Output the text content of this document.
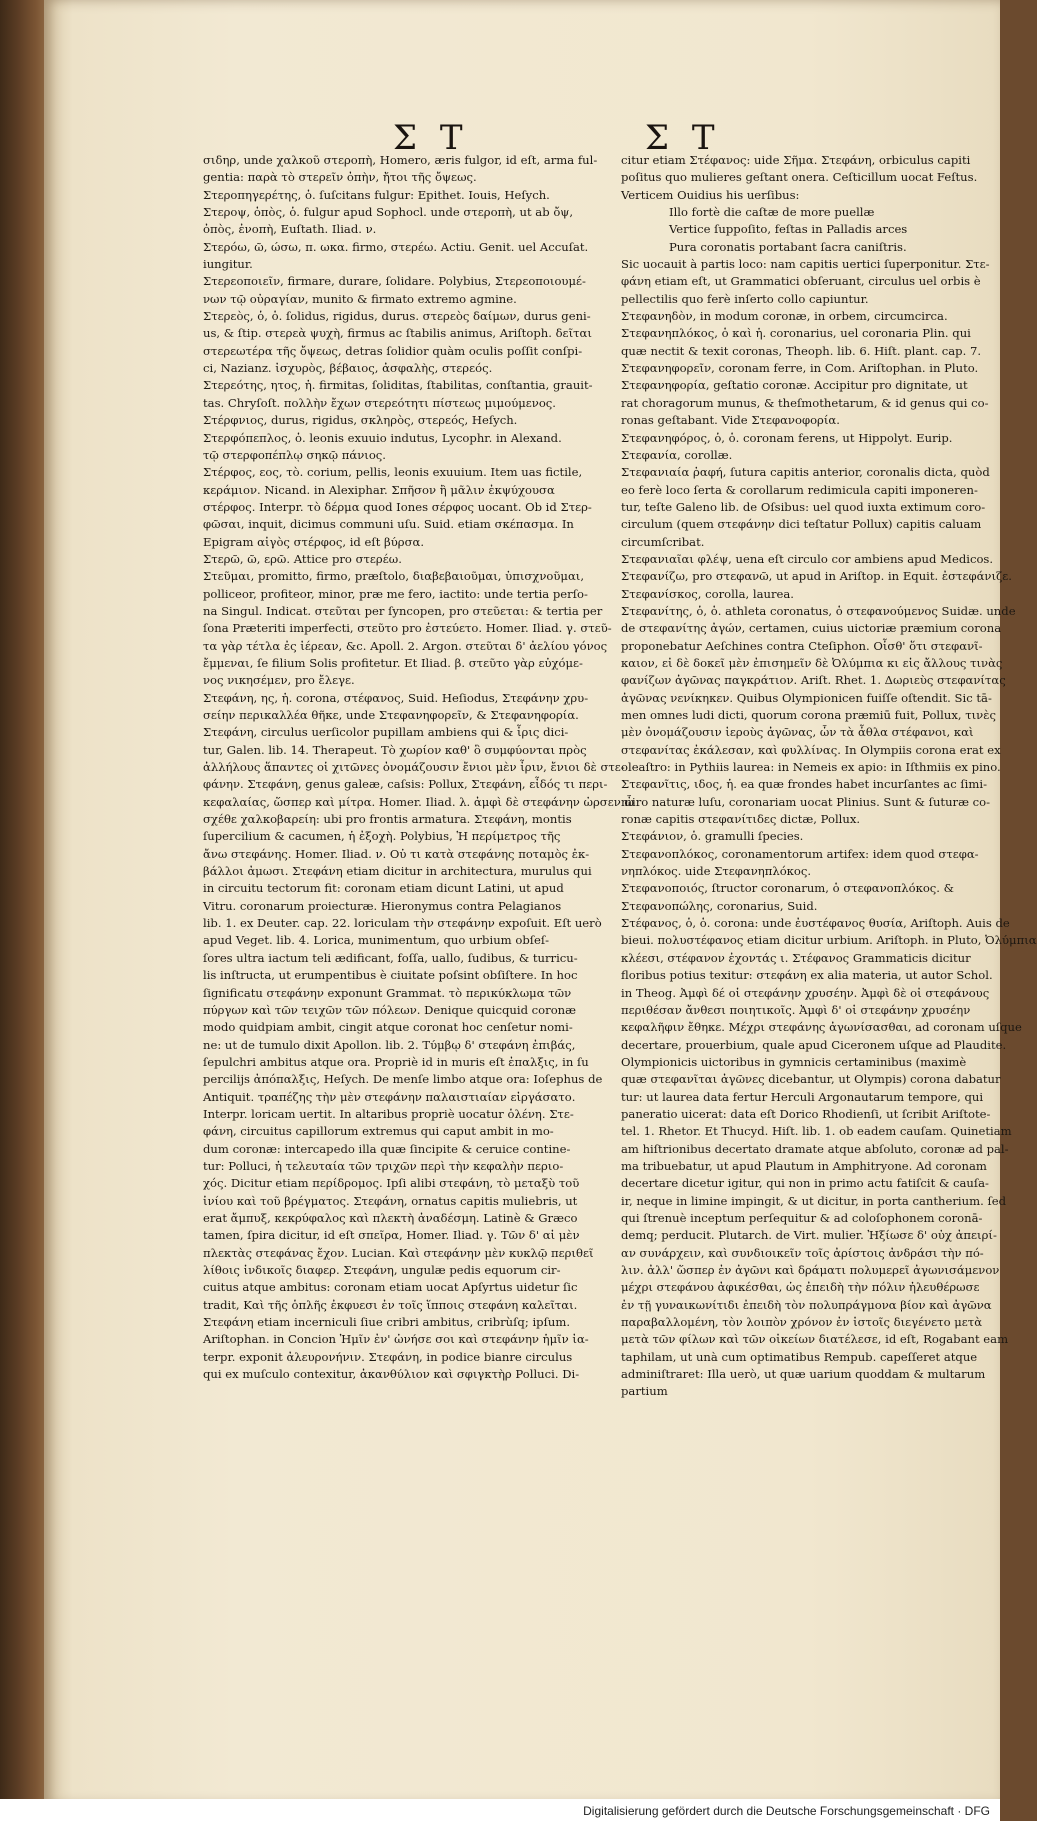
Σ Τ	Σ Τ
σιδηρ, unde χαλκοῦ στεροπὴ, Homero, æris fulgor, id eſt, arma ful-
gentia: παρὰ τὸ στερεῖν ὀπὴν, ἤτοι τῆς ὄψεως.
Στεροπηγερέτης, ὁ. ſuſcitans fulgur: Epithet. Iouis, Heſych.
Στεροψ, ὁπὸς, ὁ. fulgur apud Sophocl. unde στεροπὴ, ut ab ὄψ,
ὀπὸς, ἐνοπὴ, Euſtath. Iliad. ν.
Στερόω, ῶ, ώσω, π. ωκα. firmo, στερέω. Actiu. Genit. uel Accuſat.
iungitur.
Στερεοποιεῖν, firmare, durare, ſolidare. Polybius, Στερεοποιουμέ-
νων τῷ οὐραγίαν, munito & firmato extremo agmine.
Στερεὸς, ὁ, ὁ. ſolidus, rigidus, durus. στερεὸς δαίμων, durus geni-
us, & ſtip. στερεὰ ψυχὴ, firmus ac ſtabilis animus, Ariſtoph. δεῖται
στερεωτέρα τῆς ὄψεως, detras ſolidior quàm oculis poſſit conſpi-
ci, Nazianz. ἰσχυρὸς, βέβαιος, ἀσφαλὴς, στερεός.
Στερεότης, ητος, ἡ. firmitas, ſoliditas, ſtabilitas, conſtantia, grauit-
tas. Chryſoſt. πολλὴν ἔχων στερεότητι πίστεως μιμούμενος.
Στέρφνιος, durus, rigidus, σκληρὸς, στερεός, Heſych.
Στερφόπεπλος, ὁ. leonis exuuio indutus, Lycophr. in Alexand.
τῷ στερφοπέπλῳ σηκῷ πάνιος.
Στέρφος, εος, τὸ. corium, pellis, leonis exuuium. Item uas fictile,
κεράμιον. Nicand. in Alexiphar. Σπῆσον ἢ μᾶλιν ἐκψύχουσα
στέρφος. Interpr. τὸ δέρμα quod Iones σέρφος uocant. Ob id Στερ-
φῶσαι, inquit, dicimus communi uſu. Suid. etiam σκέπασμα. In
Epigram αἰγὸς στέρφος, id eſt βύρσα.
Στερῶ, ῶ, ερῶ. Attice pro στερέω.
Στεῦμαι, promitto, firmo, præſtolo, διαβεβαιοῦμαι, ὑπισχνοῦμαι,
polliceor, profiteor, minor, præ me fero, iactito: unde tertia perſo-
na Singul. Indicat. στεῦται per ſyncopen, pro στεῦεται: & tertia per
ſona Præteriti imperfecti, στεῦτο pro ἐστεύετο. Homer. Iliad. γ. στεῦ-
τα γὰρ τέτλα ἐς ἰέρεαν, &c. Apoll. 2. Argon. στεῦται δ' ἀελίου γόνος
ἔμμεναι, ſe filium Solis profitetur. Et Iliad. β. στεῦτο γὰρ εὐχόμε-
νος νικησέμεν, pro ἔλεγε.
Στεφάνη, ης, ἡ. corona, στέφανος, Suid. Heſiodus, Στεφάνην χρυ-
σείην περικαλλέα θῆκε, unde Στεφανηφορεῖν, & Στεφανηφορία.
Στεφάνη, circulus uerſicolor pupillam ambiens qui & ἶρις dici-
tur, Galen. lib. 14. Therapeut. Τὸ χωρίον καθ' ὃ συμφύονται πρὸς
ἀλλήλους ἅπαντες οἱ χιτῶνες ὀνομάζουσιν ἔνιοι μὲν ἶριν, ἔνιοι δὲ στε-
φάνην. Στεφάνη, genus galeæ, caſsis: Pollux, Στεφάνη, εἶδός τι περι-
κεφαλαίας, ὥσπερ καὶ μίτρα. Homer. Iliad. λ. ἀμφὶ δὲ στεφάνην ὠρσεν ὦ
σχέθε χαλκοβαρείη: ubi pro frontis armatura. Στεφάνη, montis
ſupercilium & cacumen, ἡ ἐξοχὴ. Polybius, Ἡ περίμετρος τῆς
ἄνω στεφάνης. Homer. Iliad. ν. Οὐ τι κατὰ στεφάνης ποταμὸς ἐκ-
βάλλοι ἀμωσι. Στεφάνη etiam dicitur in architectura, murulus qui
in circuitu tectorum fit: coronam etiam dicunt Latini, ut apud
Vitru. coronarum proiecturæ. Hieronymus contra Pelagianos
lib. 1. ex Deuter. cap. 22. loriculam τὴν στεφάνην expoſuit. Eſt uerò
apud Veget. lib. 4. Lorica, munimentum, quo urbium obſeſ-
ſores ultra iactum teli ædificant, foſſa, uallo, ſudibus, & turricu-
lis inſtructa, ut erumpentibus è ciuitate poſsint obſiſtere. In hoc
ſignificatu στεφάνην exponunt Grammat. τὸ περικύκλωμα τῶν
πύργων καὶ τῶν τειχῶν τῶν πόλεων. Denique quicquid coronæ
modo quidpiam ambit, cingit atque coronat hoc cenſetur nomi-
ne: ut de tumulo dixit Apollon. lib. 2. Τύμβῳ δ' στεφάνη ἐπιβάς,
ſepulchri ambitus atque ora. Propriè id in muris eſt ἐπαλξις, in ſu
percilijs ἀπόπαλξις, Heſych. De menſe limbo atque ora: Ioſephus de
Antiquit. τραπέζης τὴν μὲν στεφάνην παλαιστιαίαν εἰργάσατο.
Interpr. loricam uertit. In altaribus propriè uocatur ὁλένη. Στε-
φάνη, circuitus capillorum extremus qui caput ambit in mo-
dum coronæ: intercapedo illa quæ ſincipite & ceruice contine-
tur: Polluci, ἡ τελευταία τῶν τριχῶν περὶ τὴν κεφαλὴν περιο-
χός. Dicitur etiam περίδρομος. Ipſi alibi στεφάνη, τὸ μεταξὺ τοῦ
ἰνίου καὶ τοῦ βρέγματος. Στεφάνη, ornatus capitis muliebris, ut
erat ἄμπυξ, κεκρύφαλος καὶ πλεκτὴ ἀναδέσμη. Latinè & Græco
tamen, ſpira dicitur, id eſt σπεῖρα, Homer. Iliad. γ. Τῶν δ' αἱ μὲν
πλεκτὰς στεφάνας ἔχον. Lucian. Καὶ στεφάνην μὲν κυκλῷ περιθεῖ
λίθοις ἰνδικοῖς διαφερ. Στεφάνη, ungulæ pedis equorum cir-
cuitus atque ambitus: coronam etiam uocat Apſyrtus uidetur ſic
tradit, Καὶ τῆς ὁπλῆς ἐκφυεσι ἐν τοῖς ἵπποις στεφάνη καλεῖται.
Στεφάνη etiam incerniculi ſiue cribri ambitus, cribrùſq; ipſum.
Ariſtophan. in Concion Ἡμῖν ἐν' ὠνήσε σοι καὶ στεφάνην ἡμῖν ἰα-
terpr. exponit ἀλευρονήνιν. Στεφάνη, in podice bianre circulus
qui ex muſculo contexitur, ἀκανθύλιον καὶ σφιγκτὴρ Polluci. Di-
citur etiam Στέφανος: uide Σῆμα. Στεφάνη, orbiculus capiti
poſitus quo mulieres geſtant onera. Ceſticillum uocat Feſtus.
Verticem Ouidius his uerſibus:
Illo fortè die caſtæ de more puellæ
Vertice ſuppoſito, feſtas in Palladis arces
Pura coronatis portabant ſacra caniſtris.
Sic uocauit à partis loco: nam capitis uertici ſuperponitur. Στε-
φάνη etiam eſt, ut Grammatici obſeruant, circulus uel orbis è
pellectilis quo ferè inſerto collo capiuntur.
Στεφανηδὸν, in modum coronæ, in orbem, circumcirca.
Στεφανηπλόκος, ὁ καὶ ἡ. coronarius, uel coronaria Plin. qui
quæ nectit & texit coronas, Theoph. lib. 6. Hiſt. plant. cap. 7.
Στεφανηφορεῖν, coronam ferre, in Com. Ariſtophan. in Pluto.
Στεφανηφορία, geſtatio coronæ. Accipitur pro dignitate, ut
rat choragorum munus, & theſmothetarum, & id genus qui co-
ronas geſtabant. Vide Στεφανοφορία.
Στεφανηφόρος, ὁ, ὁ. coronam ferens, ut Hippolyt. Eurip.
Στεφανία, corollæ.
Στεφανιαία ῥαφή, ſutura capitis anterior, coronalis dicta, quòd
eo ferè loco ſerta & corollarum redimicula capiti imponeren-
tur, teſte Galeno lib. de Oſsibus: uel quod iuxta extimum coro-
circulum (quem στεφάνην dici teſtatur Pollux) capitis caluam
circumſcribat.
Στεφανιαῖαι φλέψ, uena eſt circulo cor ambiens apud Medicos.
Στεφανίζω, pro στεφανῶ, ut apud in Ariſtop. in Equit. ἐστεφάνιζε.
Στεφανίσκος, corolla, laurea.
Στεφανίτης, ὁ, ὁ. athleta coronatus, ὁ στεφανούμενος Suidæ. unde
de στεφανίτης ἀγών, certamen, cuius uictoriæ præmium corona
proponebatur Aeſchines contra Cteſiphon. Οἶσθ' ὅτι στεφανῖ-
καιον, εἰ δὲ δοκεῖ μὲν ἐπισημεῖν δὲ Ὀλύμπια κι εἰς ἄλλους τινὰς
φανίζων ἀγῶνας παγκράτιον. Ariſt. Rhet. 1. Δωριεὺς στεφανίτας
ἀγῶνας νενίκηκεν. Quibus Olympionicen fuiſſe oſtendit. Sic tā-
men omnes ludi dicti, quorum corona præmiū fuit, Pollux, τινὲς
μὲν ὀνομάζουσιν ἱεροὺς ἀγῶνας, ὧν τὰ ἆθλα στέφανοι, καὶ
στεφανίτας ἐκάλεσαν, καὶ φυλλίνας. In Olympiis corona erat ex
oleaſtro: in Pythiis laurea: in Nemeis ex apio: in Iſthmiis ex pino.
Στεφανῖτις, ιδος, ἡ. ea quæ frondes habet incurſantes ac ſimi-
miro naturæ luſu, coronariam uocat Plinius. Sunt & ſuturæ co-
ronæ capitis στεφανίτιδες dictæ, Pollux.
Στεφάνιον, ὁ. gramulli ſpecies.
Στεφανοπλόκος, coronamentorum artifex: idem quod στεφα-
νηπλόκος. uide Στεφανηπλόκος.
Στεφανοποιός, ſtructor coronarum, ὁ στεφανοπλόκος. &
Στεφανοπώλης, coronarius, Suid.
Στέφανος, ὁ, ὁ. corona: unde ἐυστέφανος θυσία, Ariſtoph. Auis de
bieui. πολυστέφανος etiam dicitur urbium. Ariſtoph. in Pluto, Ὀλύμπια
κλέεσι, στέφανον ἐχοντάς ι. Στέφανος Grammaticis dicitur
floribus potius texitur: στεφάνη ex alia materia, ut autor Schol.
in Theog. Ἀμφὶ δέ οἱ στεφάνην χρυσέην. Ἀμφὶ δὲ οἱ στεφάνους
περιθέσαν ἄνθεσι ποιητικοῖς. Ἀμφὶ δ' οἱ στεφάνην χρυσέην
κεφαλῆφιν ἔθηκε. Μέχρι στεφάνης ἀγωνίσασθαι, ad coronam uſque
decertare, prouerbium, quale apud Ciceronem uſque ad Plaudite.
Olympionicis uictoribus in gymnicis certaminibus (maximè
quæ στεφανῖται ἀγῶνες dicebantur, ut Olympis) corona dabatur
tur: ut laurea data fertur Herculi Argonautarum tempore, qui
paneratio uicerat: data eſt Dorico Rhodienſi, ut ſcribit Ariſtote-
tel. 1. Rhetor. Et Thucyd. Hiſt. lib. 1. ob eadem cauſam. Quinetiam
am hiſtrionibus decertato dramate atque abſoluto, coronæ ad pal-
ma tribuebatur, ut apud Plautum in Amphitryone. Ad coronam
decertare dicetur igitur, qui non in primo actu fatiſcit & cauſa-
ir, neque in limine impingit, & ut dicitur, in porta cantherium. ſed
qui ſtrenuè inceptum perſequitur & ad coloſophonem coronā-
demq; perducit. Plutarch. de Virt. mulier. Ἠξίωσε δ' οὐχ ἀπειρί-
αν συνάρχειν, καὶ συνδιοικεῖν τοῖς ἀρίστοις ἀνδράσι τὴν πό-
λιν. ἀλλ' ὥσπερ ἐν ἀγῶνι καὶ δράματι πολυμερεῖ ἀγωνισάμενον
μέχρι στεφάνου ἀφικέσθαι, ὡς ἐπειδὴ τὴν πόλιν ἠλευθέρωσε
ἐν τῇ γυναικωνίτιδι ἐπειδὴ τὸν πολυπράγμονα βίον καὶ ἀγῶνα
παραβαλλομένη, τὸν λοιπὸν χρόνον ἐν ἱστοῖς διεγένετο μετὰ
μετὰ τῶν φίλων καὶ τῶν οἰκείων διατέλεσε, id eſt, Rogabant eam
taphilam, ut unà cum optimatibus Rempub. capeſſeret atque
adminiſtraret: Illa uerò, ut quæ uarium quoddam & multarum
partium
Digitalisierung gefördert durch die Deutsche Forschungsgemeinschaft · DFG
